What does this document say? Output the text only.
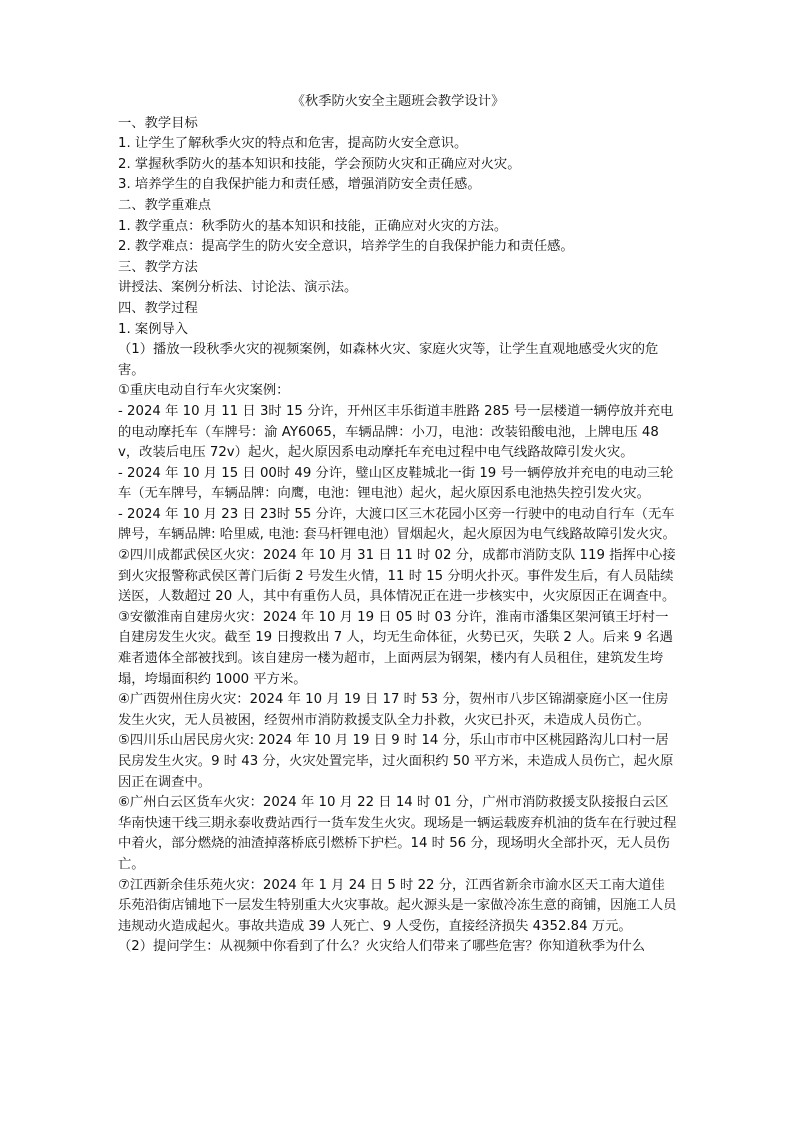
《秋季防火安全主题班会教学设计》

一、教学目标

1. 让学生了解秋季火灾的特点和危害，提高防火安全意识。

2. 掌握秋季防火的基本知识和技能，学会预防火灾和正确应对火灾。

3. 培养学生的自我保护能力和责任感，增强消防安全责任感。

二、教学重难点

1. 教学重点：秋季防火的基本知识和技能，正确应对火灾的方法。

2. 教学难点：提高学生的防火安全意识，培养学生的自我保护能力和责任感。

三、教学方法

讲授法、案例分析法、讨论法、演示法。

四、教学过程

1. 案例导入

（1）播放一段秋季火灾的视频案例，如森林火灾、家庭火灾等，让学生直观地感受火灾的危害。

①重庆电动自行车火灾案例：

- 2024 年 10 月 11 日 3时 15 分许，开州区丰乐街道丰胜路 285 号一层楼道一辆停放并充电的电动摩托车（车牌号：渝 AY6065，车辆品牌：小刀，电池：改装铅酸电池，上牌电压 48v，改装后电压 72v）起火，起火原因系电动摩托车充电过程中电气线路故障引发火灾。

- 2024 年 10 月 15 日 00时 49 分许，璧山区皮鞋城北一街 19 号一辆停放并充电的电动三轮车（无车牌号，车辆品牌：向鹰，电池：锂电池）起火，起火原因系电池热失控引发火灾。

- 2024 年 10 月 23 日 23时 55 分许，大渡口区三木花园小区旁一行驶中的电动自行车（无车牌号，车辆品牌: 哈里威, 电池: 套马杆锂电池）冒烟起火，起火原因为电气线路故障引发火灾。

②四川成都武侯区火灾：2024 年 10 月 31 日 11 时 02 分，成都市消防支队 119 指挥中心接到火灾报警称武侯区菁门后街 2 号发生火情，11 时 15 分明火扑灭。事件发生后，有人员陆续送医，人数超过 20 人，其中有重伤人员，具体情况正在进一步核实中，火灾原因正在调查中。

③安徽淮南自建房火灾：2024 年 10 月 19 日 05 时 03 分许，淮南市潘集区架河镇王圩村一自建房发生火灾。截至 19 日搜救出 7 人，均无生命体征，火势已灭，失联 2 人。后来 9 名遇难者遗体全部被找到。该自建房一楼为超市，上面两层为钢架，楼内有人员租住，建筑发生垮塌，垮塌面积约 1000 平方米。

④广西贺州住房火灾：2024 年 10 月 19 日 17 时 53 分，贺州市八步区锦湖豪庭小区一住房发生火灾，无人员被困，经贺州市消防救援支队全力扑救，火灾已扑灭，未造成人员伤亡。

⑤四川乐山居民房火灾: 2024 年 10 月 19 日 9 时 14 分，乐山市市中区桃园路沟儿口村一居民房发生火灾。9 时 43 分，火灾处置完毕，过火面积约 50 平方米，未造成人员伤亡，起火原因正在调查中。

⑥广州白云区货车火灾：2024 年 10 月 22 日 14 时 01 分，广州市消防救援支队接报白云区华南快速干线三期永泰收费站西行一货车发生火灾。现场是一辆运载废弃机油的货车在行驶过程中着火，部分燃烧的油渣掉落桥底引燃桥下护栏。14 时 56 分，现场明火全部扑灭，无人员伤亡。

⑦江西新余佳乐苑火灾：2024 年 1 月 24 日 5 时 22 分，江西省新余市渝水区天工南大道佳乐苑沿街店铺地下一层发生特别重大火灾事故。起火源头是一家做冷冻生意的商铺，因施工人员违规动火造成起火。事故共造成 39 人死亡、9 人受伤，直接经济损失 4352.84 万元。

（2）提问学生：从视频中你看到了什么？火灾给人们带来了哪些危害？你知道秋季为什么
